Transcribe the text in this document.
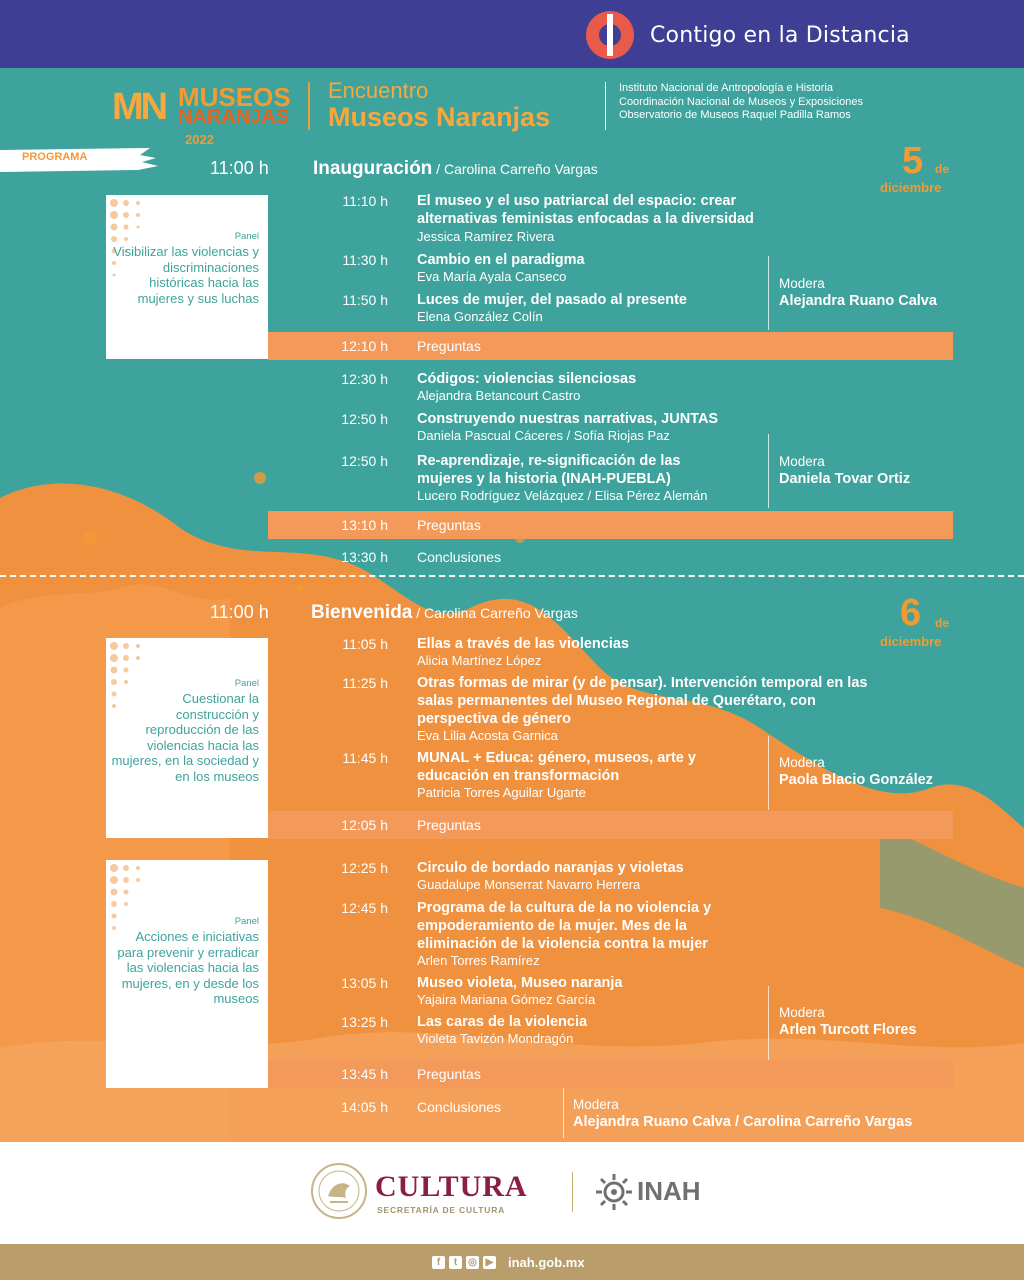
Contigo en la Distancia
MN MUSEOS
NARANJAS
2022
Encuentro
Museos Naranjas
Instituto Nacional de Antropología e Historia
Coordinación Nacional de Museos y Exposiciones
Observatorio de Museos Raquel Padilla Ramos
PROGRAMA
11:00 h Inauguración / Carolina Carreño Vargas	5 de
diciembre
Panel
Visibilizar las violencias y discriminaciones históricas hacia las mujeres y sus luchas
11:10 h El museo y el uso patriarcal del espacio: crear alternativas feministas enfocadas a la diversidad
Jessica Ramírez Rivera
11:30 h Cambio en el paradigma
Eva María Ayala Canseco
11:50 h Luces de mujer, del pasado al presente
Elena González Colín
Modera
Alejandra Ruano Calva
12:10 h Preguntas
12:30 h Códigos: violencias silenciosas
Alejandra Betancourt Castro
12:50 h Construyendo nuestras narrativas, JUNTAS
Daniela Pascual Cáceres / Sofía Riojas Paz
12:50 h Re-aprendizaje, re-significación de las mujeres y la historia (INAH-PUEBLA)
Lucero Rodríguez Velázquez / Elisa Pérez Alemán
Modera
Daniela Tovar Ortiz
13:10 h Preguntas
13:30 h Conclusiones
11:00 h Bienvenida / Carolina Carreño Vargas	6 de
diciembre
Panel
Cuestionar la construcción y reproducción de las violencias hacia las mujeres, en la sociedad y en los museos
11:05 h Ellas a través de las violencias
Alicia Martínez López
11:25 h Otras formas de mirar (y de pensar). Intervención temporal en las salas permanentes del Museo Regional de Querétaro, con perspectiva de género
Eva Lilia Acosta Garnica
11:45 h MUNAL + Educa: género, museos, arte y educación en transformación
Patricia Torres Aguilar Ugarte
Modera
Paola Blacio González
12:05 h Preguntas
Panel
Acciones e iniciativas para prevenir y erradicar las violencias hacia las mujeres, en y desde los museos
12:25 h Circulo de bordado naranjas y violetas
Guadalupe Monserrat Navarro Herrera
12:45 h Programa de la cultura de la no violencia y empoderamiento de la mujer. Mes de la eliminación de la violencia contra la mujer
Arlen Torres Ramírez
13:05 h Museo violeta, Museo naranja
Yajaira Mariana Gómez García
13:25 h Las caras de la violencia
Violeta Tavizón Mondragón
Modera
Arlen Turcott Flores
13:45 h Preguntas
14:05 h Conclusiones	Modera
Alejandra Ruano Calva / Carolina Carreño Vargas
CULTURA
SECRETARÍA DE CULTURA
INAH
f	t	◎ ▶ inah.gob.mx
